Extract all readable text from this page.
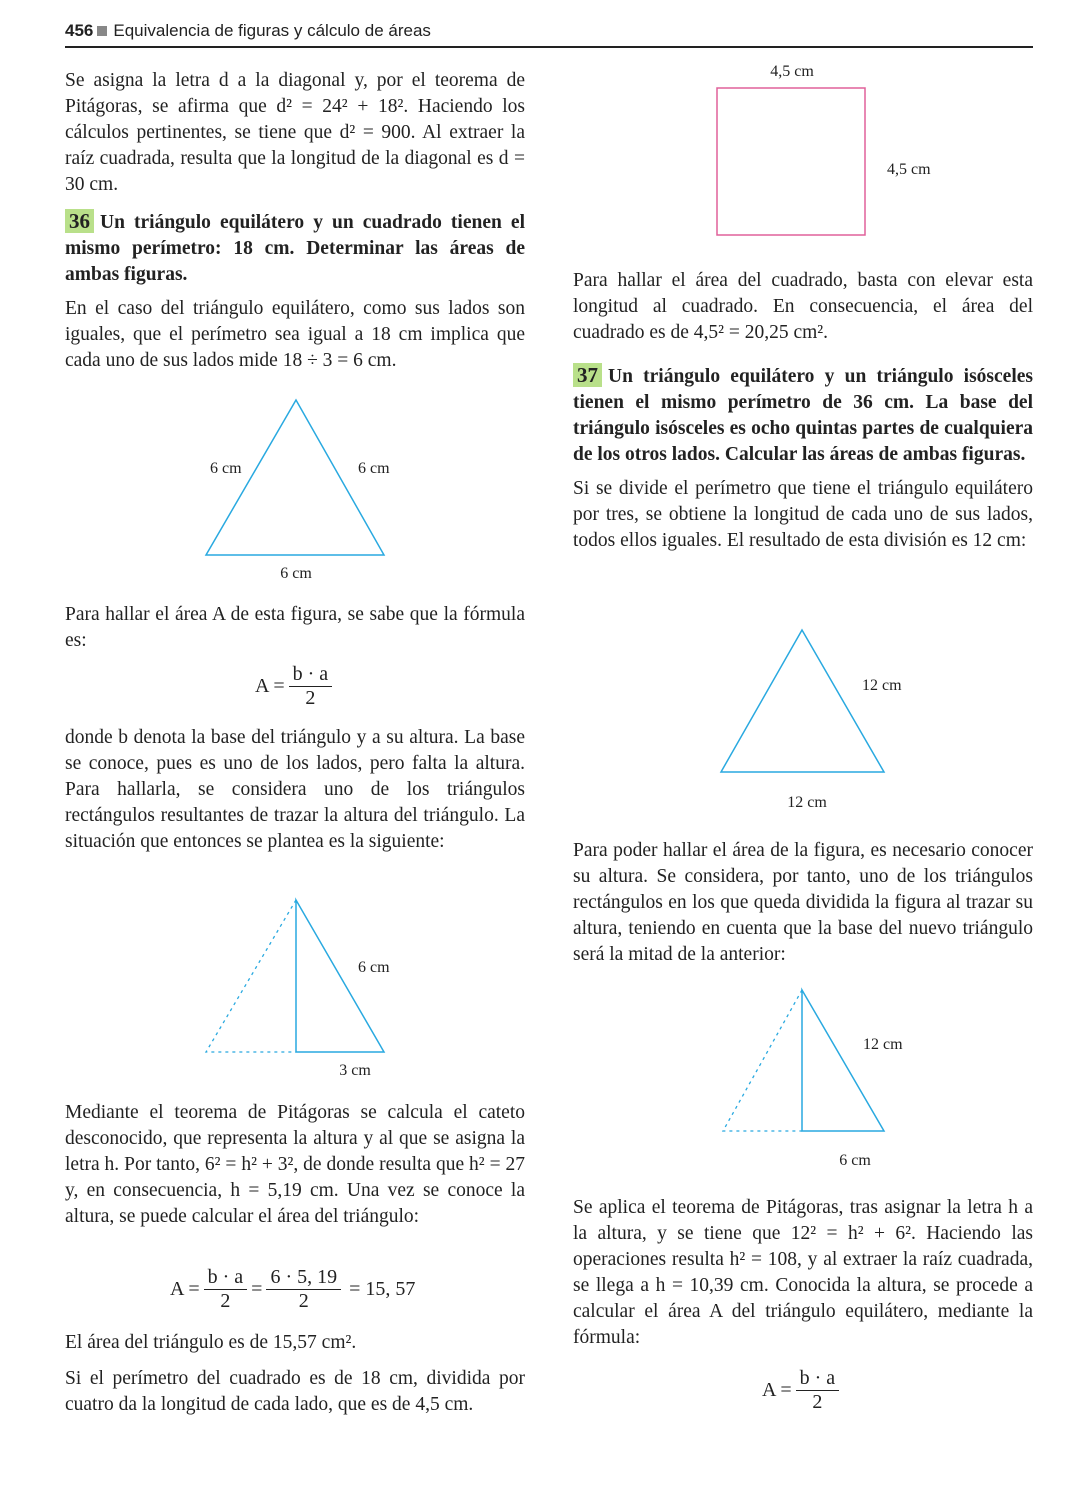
456 Equivalencia de figuras y cálculo de áreas

Se asigna la letra d a la diagonal y, por el teorema de Pitágoras, se afirma que d² = 24² + 18². Haciendo los cálculos pertinentes, se tiene que d² = 900. Al extraer la raíz cuadrada, resulta que la longitud de la diagonal es d = 30 cm.

36 Un triángulo equilátero y un cuadrado tienen el mismo perímetro: 18 cm. Determinar las áreas de ambas figuras.

En el caso del triángulo equilátero, como sus lados son iguales, que el perímetro sea igual a 18 cm implica que cada uno de sus lados mide 18 ÷ 3 = 6 cm.

6 cm	6 cm
6 cm

Para hallar el área A de esta figura, se sabe que la fórmula es:

$A = \frac{b \cdot a}{2}$

donde b denota la base del triángulo y a su altura. La base se conoce, pues es uno de los lados, pero falta la altura. Para hallarla, se considera uno de los triángulos rectángulos resultantes de trazar la altura del triángulo. La situación que entonces se plantea es la siguiente:

6 cm
3 cm

Mediante el teorema de Pitágoras se calcula el cateto desconocido, que representa la altura y al que se asigna la letra h. Por tanto, 6² = h² + 3², de donde resulta que h² = 27 y, en consecuencia, h = 5,19 cm. Una vez se conoce la altura, se puede calcular el área del triángulo:

$A = \frac{b \cdot a}{2} = \frac{6 \cdot 5, 19}{2} = 15$, 57

El área del triángulo es de 15,57 cm².

Si el perímetro del cuadrado es de 18 cm, dividida por cuatro da la longitud de cada lado, que es de 4,5 cm.

4,5 cm
4,5 cm

Para hallar el área del cuadrado, basta con elevar esta longitud al cuadrado. En consecuencia, el área del cuadrado es de 4,5² = 20,25 cm².

37 Un triángulo equilátero y un triángulo isósceles tienen el mismo perímetro de 36 cm. La base del triángulo isósceles es ocho quintas partes de cualquiera de los otros lados. Calcular las áreas de ambas figuras.

Si se divide el perímetro que tiene el triángulo equilátero por tres, se obtiene la longitud de cada uno de sus lados, todos ellos iguales. El resultado de esta división es 12 cm:

12 cm
12 cm

Para poder hallar el área de la figura, es necesario conocer su altura. Se considera, por tanto, uno de los triángulos rectángulos en los que queda dividida la figura al trazar su altura, teniendo en cuenta que la base del nuevo triángulo será la mitad de la anterior:

12 cm
6 cm

Se aplica el teorema de Pitágoras, tras asignar la letra h a la altura, y se tiene que 12² = h² + 6². Haciendo las operaciones resulta h² = 108, y al extraer la raíz cuadrada, se llega a h = 10,39 cm. Conocida la altura, se procede a calcular el área A del triángulo equilátero, mediante la fórmula:

$A = \frac{b \cdot a}{2}$
